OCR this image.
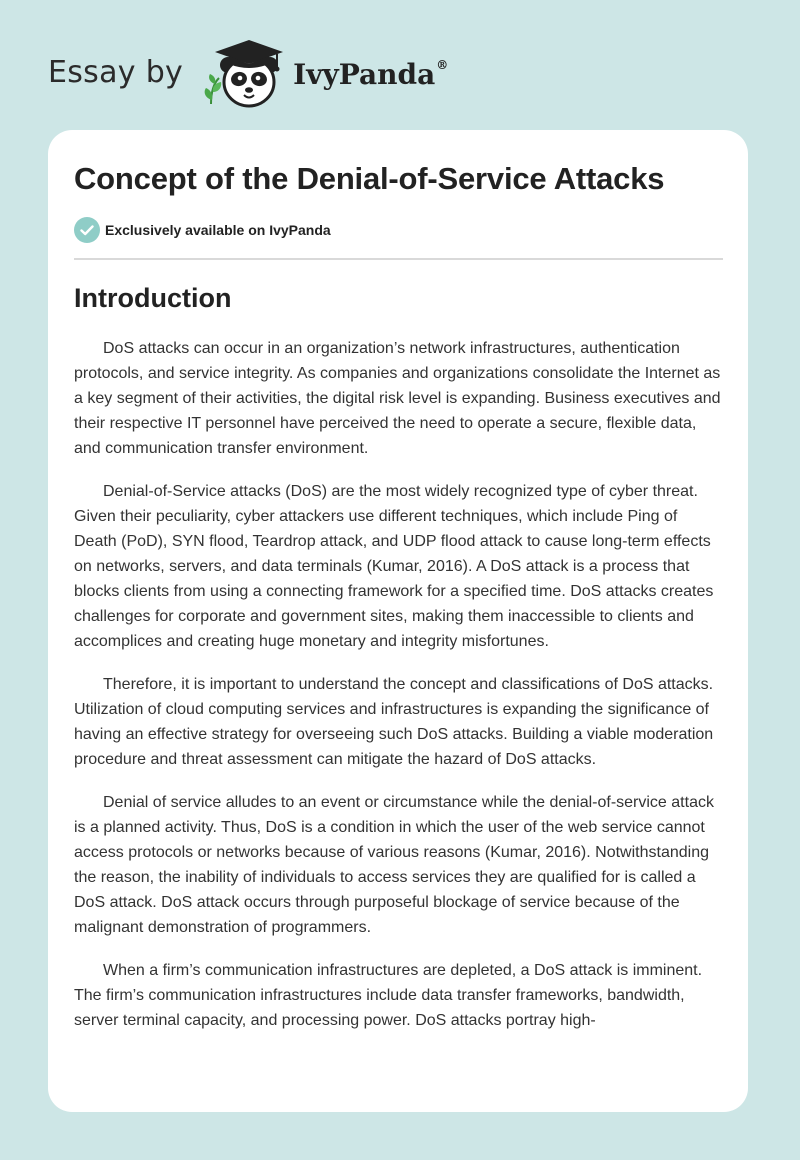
Essay by	IvyPanda®
Concept of the Denial-of-Service Attacks
Exclusively available on IvyPanda
Introduction

DoS attacks can occur in an organization’s network infrastructures, authentication protocols, and service integrity. As companies and organizations consolidate the Internet as a key segment of their activities, the digital risk level is expanding. Business executives and their respective IT personnel have perceived the need to operate a secure, flexible data, and communication transfer environment.

Denial-of-Service attacks (DoS) are the most widely recognized type of cyber threat. Given their peculiarity, cyber attackers use different techniques, which include Ping of Death (PoD), SYN flood, Teardrop attack, and UDP flood attack to cause long-term effects on networks, servers, and data terminals (Kumar, 2016). A DoS attack is a process that blocks clients from using a connecting framework for a specified time. DoS attacks creates challenges for corporate and government sites, making them inaccessible to clients and accomplices and creating huge monetary and integrity misfortunes.

Therefore, it is important to understand the concept and classifications of DoS attacks. Utilization of cloud computing services and infrastructures is expanding the significance of having an effective strategy for overseeing such DoS attacks. Building a viable moderation procedure and threat assessment can mitigate the hazard of DoS attacks.

Denial of service alludes to an event or circumstance while the denial-of-service attack is a planned activity. Thus, DoS is a condition in which the user of the web service cannot access protocols or networks because of various reasons (Kumar, 2016). Notwithstanding the reason, the inability of individuals to access services they are qualified for is called a DoS attack. DoS attack occurs through purposeful blockage of service because of the malignant demonstration of programmers.

When a firm’s communication infrastructures are depleted, a DoS attack is imminent. The firm’s communication infrastructures include data transfer frameworks, bandwidth, server terminal capacity, and processing power. DoS attacks portray high-
